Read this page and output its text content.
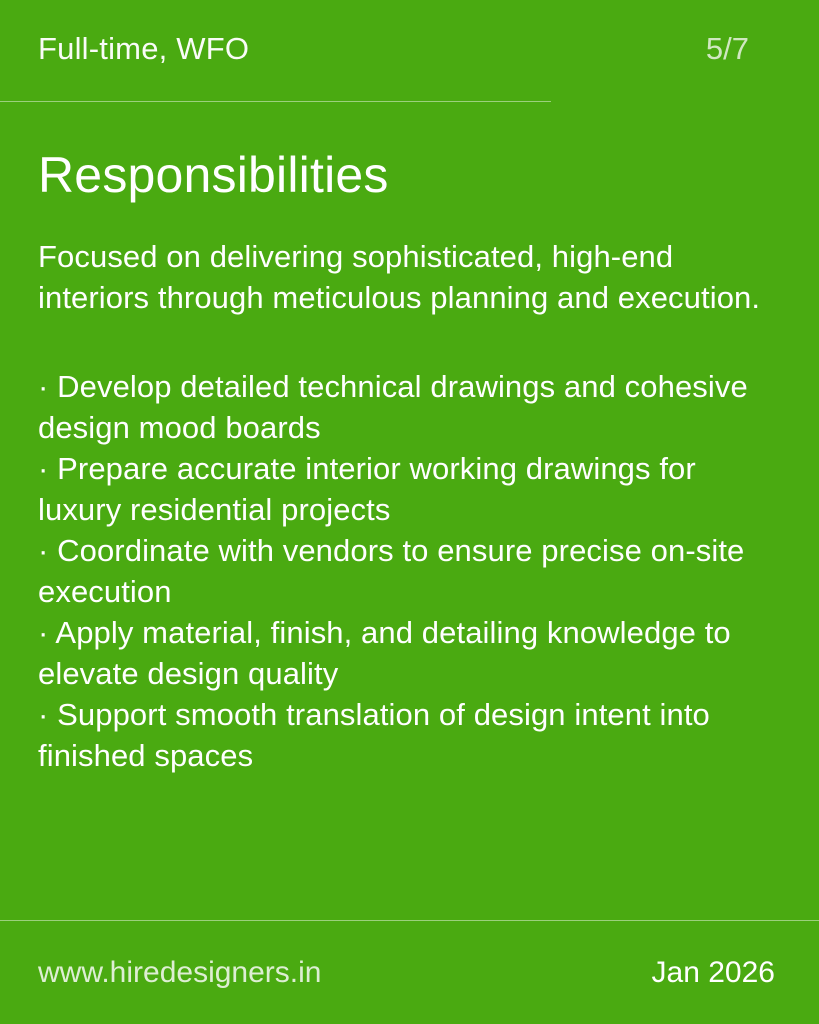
Full-time, WFO	5/7
Responsibilities

Focused on delivering sophisticated, high-end interiors through meticulous planning and execution.

· Develop detailed technical drawings and cohesive design mood boards
· Prepare accurate interior working drawings for luxury residential projects
· Coordinate with vendors to ensure precise on-site execution
· Apply material, finish, and detailing knowledge to elevate design quality
· Support smooth translation of design intent into finished spaces
www.hiredesigners.in	Jan 2026
